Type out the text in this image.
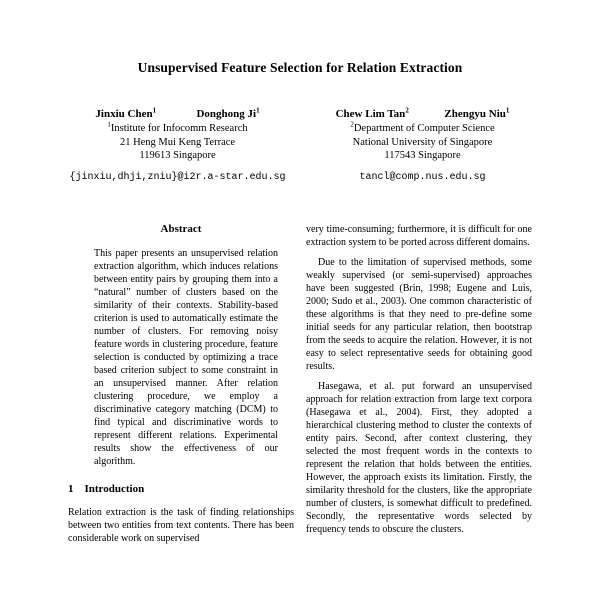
Unsupervised Feature Selection for Relation Extraction
Jinxiu Chen$^1$	Donghong Ji$^1$
$^1$Institute for Infocomm Research
21 Heng Mui Keng Terrace
119613 Singapore
{jinxiu,dhji,zniu}@i2r.a-star.edu.sg
Chew Lim Tan$^2$	Zhengyu Niu$^1$
$^2$Department of Computer Science
National University of Singapore
117543 Singapore
tancl@comp.nus.edu.sg
Abstract

This paper presents an unsupervised relation extraction algorithm, which induces relations between entity pairs by grouping them into a “natural” number of clusters based on the similarity of their contexts. Stability-based criterion is used to automatically estimate the number of clusters. For removing noisy feature words in clustering procedure, feature selection is conducted by optimizing a trace based criterion subject to some constraint in an unsupervised manner. After relation clustering procedure, we employ a discriminative category matching (DCM) to find typical and discriminative words to represent different relations. Experimental results show the effectiveness of our algorithm.

1 Introduction

Relation extraction is the task of finding relationships between two entities from text contents. There has been considerable work on supervised

very time-consuming; furthermore, it is difficult for one extraction system to be ported across different domains.

Due to the limitation of supervised methods, some weakly supervised (or semi-supervised) approaches have been suggested (Brin, 1998; Eugene and Luis, 2000; Sudo et al., 2003). One common characteristic of these algorithms is that they need to pre-define some initial seeds for any particular relation, then bootstrap from the seeds to acquire the relation. However, it is not easy to select representative seeds for obtaining good results.

Hasegawa, et al. put forward an unsupervised approach for relation extraction from large text corpora (Hasegawa et al., 2004). First, they adopted a hierarchical clustering method to cluster the contexts of entity pairs. Second, after context clustering, they selected the most frequent words in the contexts to represent the relation that holds between the entities. However, the approach exists its limitation. Firstly, the similarity threshold for the clusters, like the appropriate number of clusters, is somewhat difficult to predefined. Secondly, the representative words selected by frequency tends to obscure the clusters.
